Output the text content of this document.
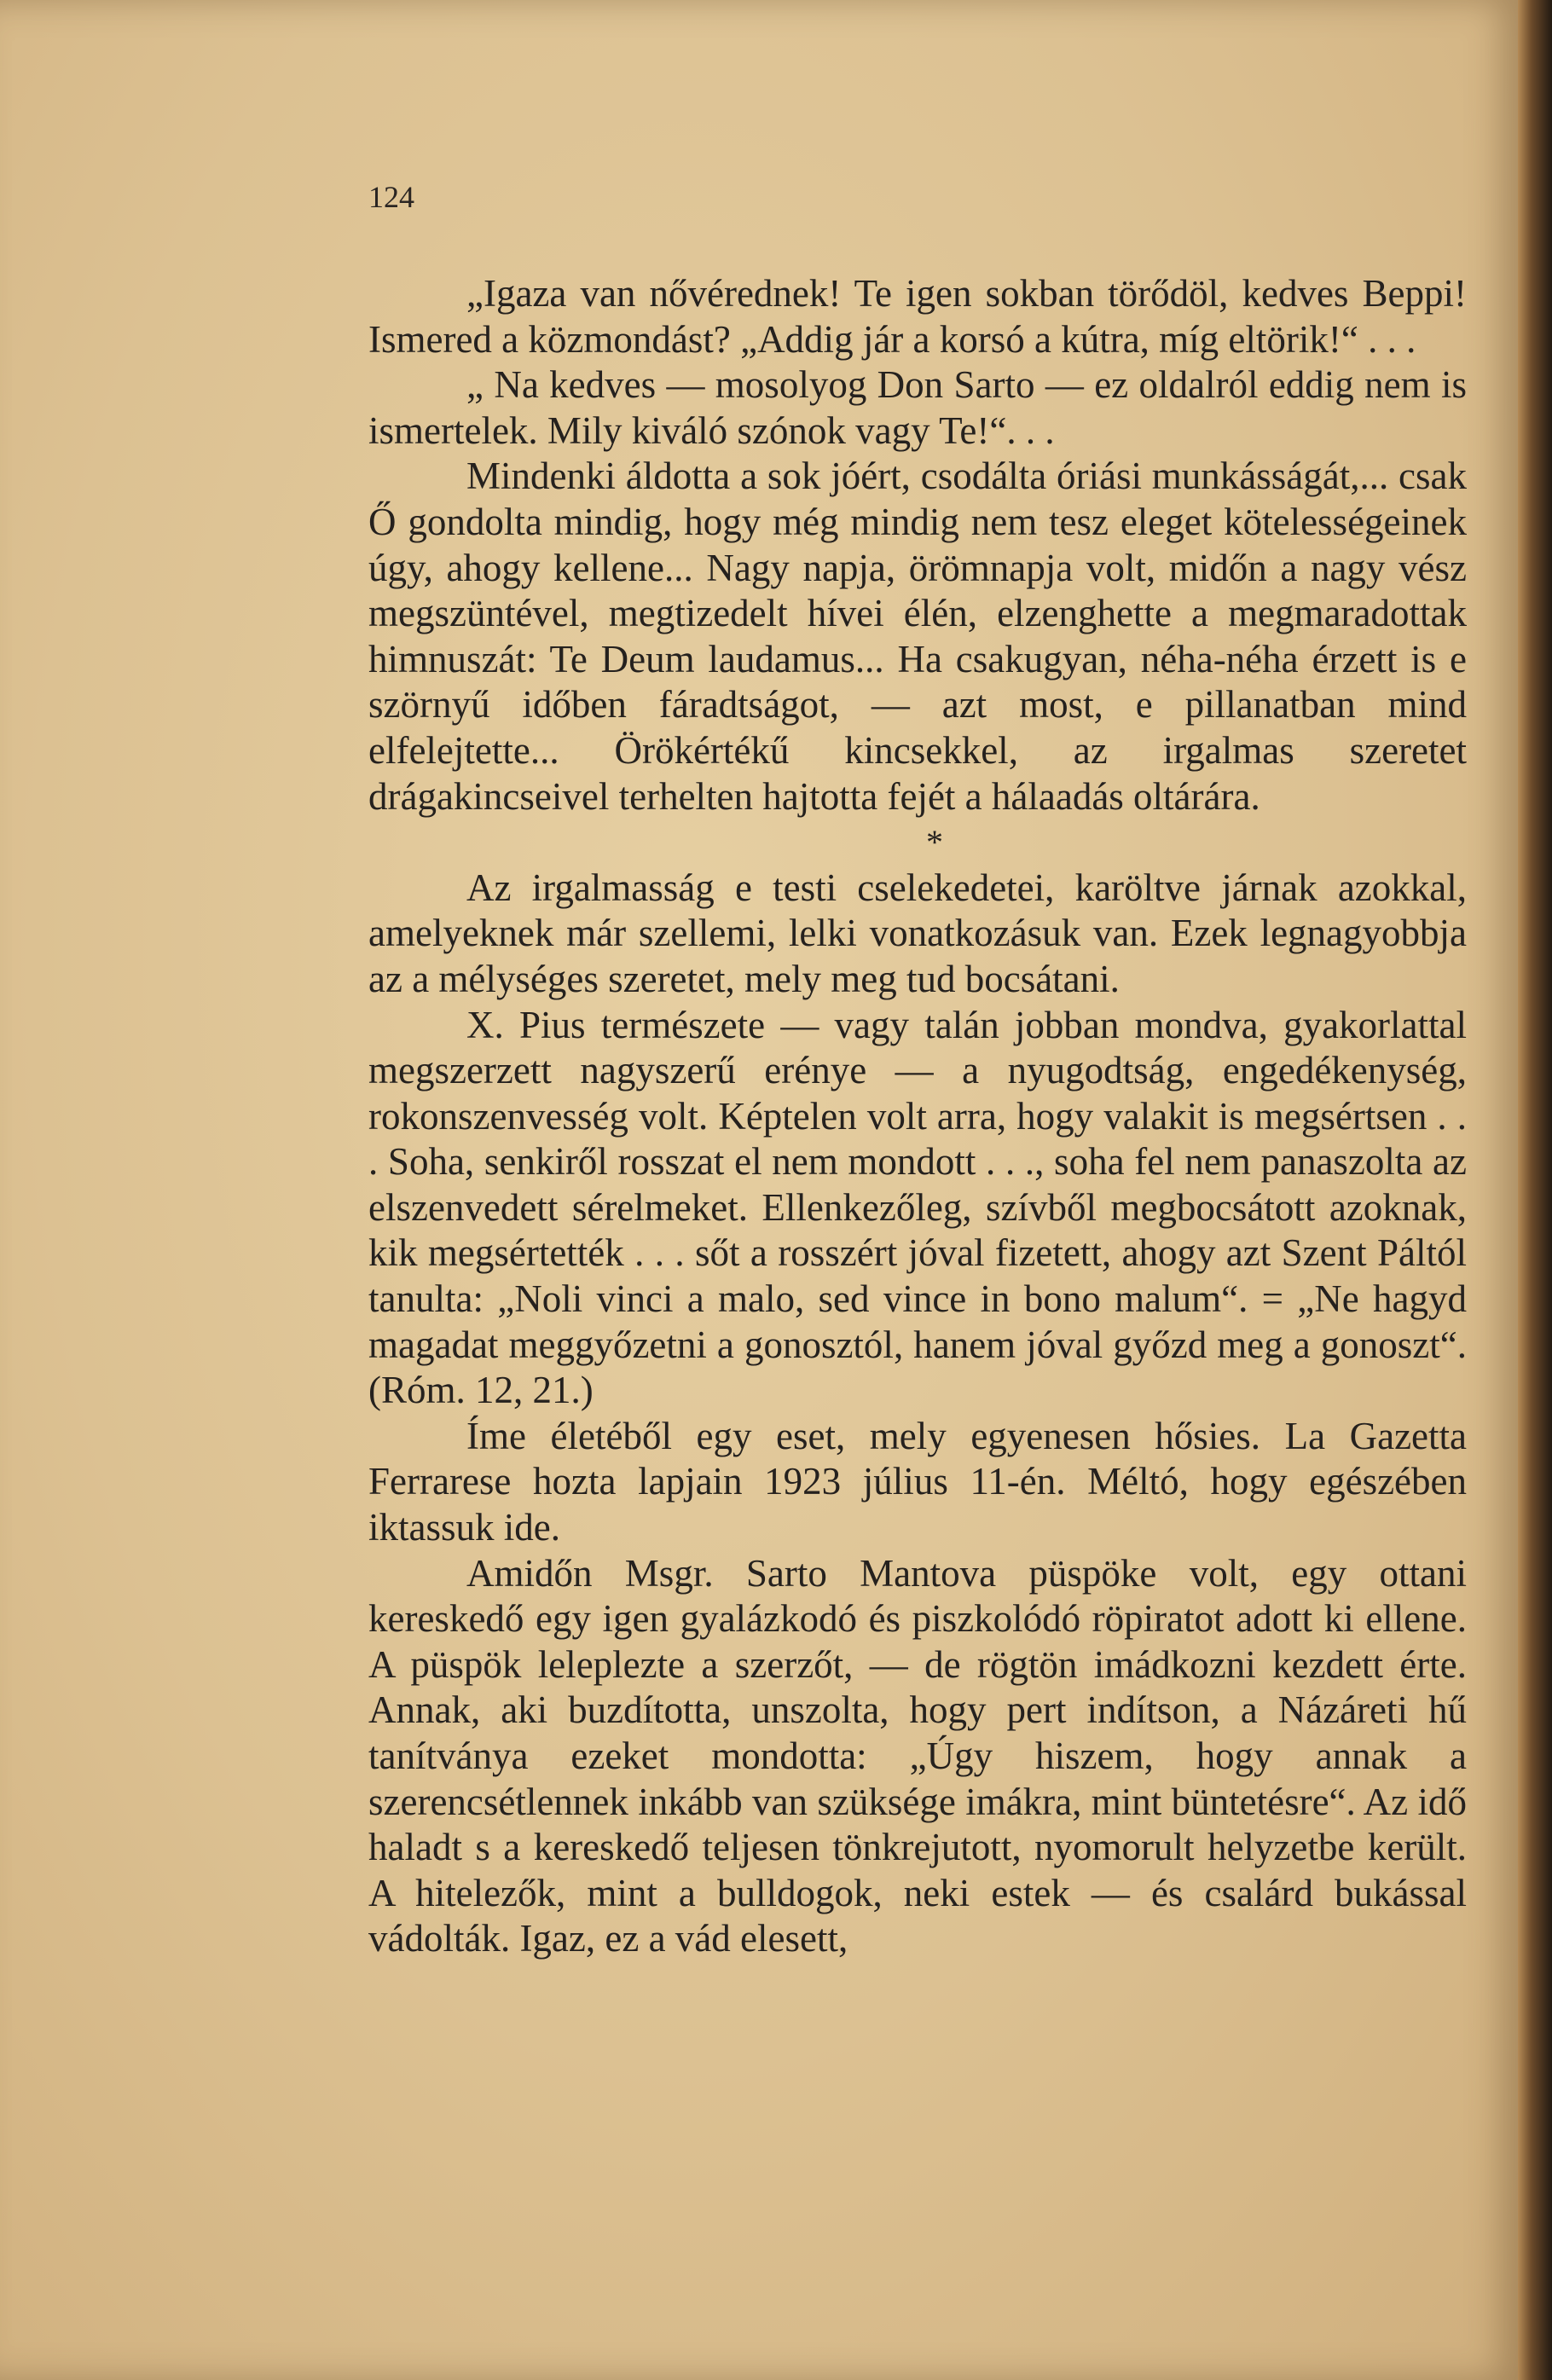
124

„Igaza van nővérednek! Te igen sokban törődöl, kedves Beppi! Ismered a közmondást? „Addig jár a korsó a kútra, míg eltörik!“ . . .

„ Na kedves — mosolyog Don Sarto — ez oldalról eddig nem is ismertelek. Mily kiváló szónok vagy Te!“. . .

Mindenki áldotta a sok jóért, csodálta óriási munkásságát,... csak Ő gondolta mindig, hogy még mindig nem tesz eleget kötelességeinek úgy, ahogy kellene... Nagy napja, örömnapja volt, midőn a nagy vész megszüntével, megtizedelt hívei élén, elzenghette a megmaradottak himnuszát: Te Deum laudamus... Ha csakugyan, néha-néha érzett is e szörnyű időben fáradtságot, — azt most, e pillanatban mind elfelejtette... Örökértékű kincsekkel, az irgalmas szeretet drágakincseivel terhelten hajtotta fejét a hálaadás oltárára.

*

Az irgalmasság e testi cselekedetei, karöltve járnak azokkal, amelyeknek már szellemi, lelki vonatkozásuk van. Ezek legnagyobbja az a mélységes szeretet, mely meg tud bocsátani.

X. Pius természete — vagy talán jobban mondva, gyakorlattal megszerzett nagyszerű erénye — a nyugodtság, engedékenység, rokonszenvesség volt. Képtelen volt arra, hogy valakit is megsértsen . . . Soha, senkiről rosszat el nem mondott . . ., soha fel nem panaszolta az elszenvedett sérelmeket. Ellenkezőleg, szívből megbocsátott azoknak, kik megsértették . . . sőt a rosszért jóval fizetett, ahogy azt Szent Páltól tanulta: „Noli vinci a malo, sed vince in bono malum“. = „Ne hagyd magadat meggyőzetni a gonosztól, hanem jóval győzd meg a gonoszt“. (Róm. 12, 21.)

Íme életéből egy eset, mely egyenesen hősies. La Gazetta Ferrarese hozta lapjain 1923 július 11-én. Méltó, hogy egészében iktassuk ide.

Amidőn Msgr. Sarto Mantova püspöke volt, egy ottani kereskedő egy igen gyalázkodó és piszkolódó röpiratot adott ki ellene. A püspök leleplezte a szerzőt, — de rögtön imádkozni kezdett érte. Annak, aki buzdította, unszolta, hogy pert indítson, a Názáreti hű tanítványa ezeket mondotta: „Úgy hiszem, hogy annak a szerencsétlennek inkább van szüksége imákra, mint büntetésre“. Az idő haladt s a kereskedő teljesen tönkrejutott, nyomorult helyzetbe került. A hitelezők, mint a bulldogok, neki estek — és csalárd bukással vádolták. Igaz, ez a vád elesett,
